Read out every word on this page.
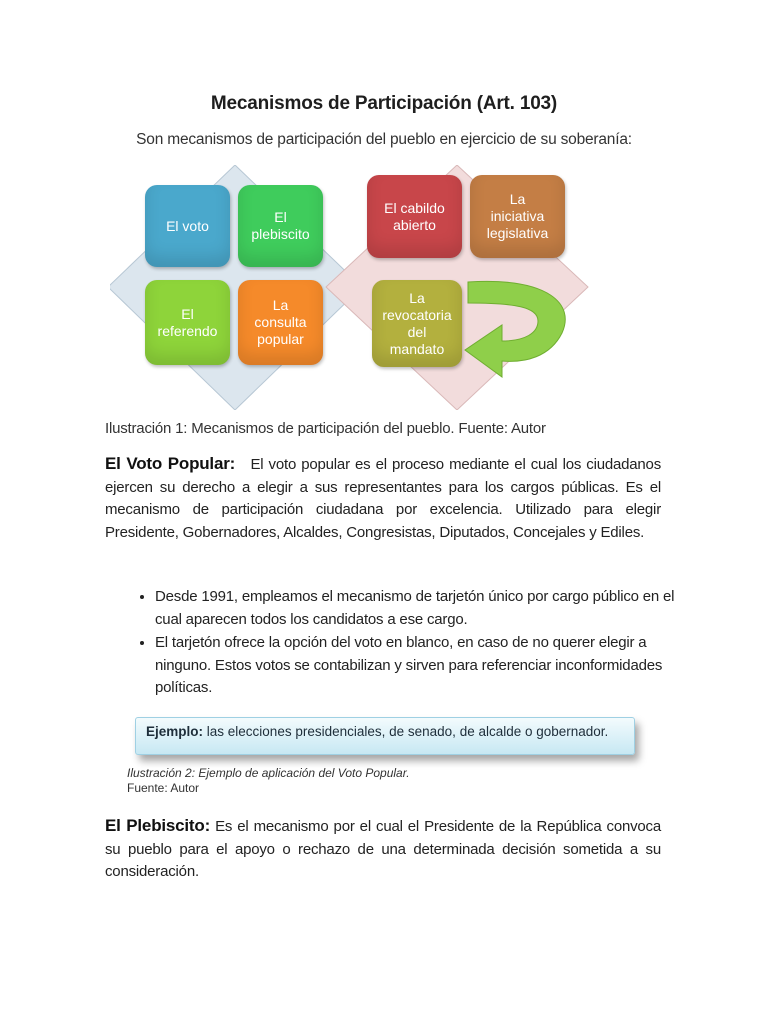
Mecanismos de Participación (Art. 103)
Son mecanismos de participación del pueblo en ejercicio de su soberanía:
El voto
El
plebiscito
El
referendo
La
consulta
popular
El cabildo
abierto
La
iniciativa
legislativa
La
revocatoria
del
mandato
Ilustración 1: Mecanismos de participación del pueblo. Fuente: Autor
El Voto Popular: El voto popular es el proceso mediante el cual los ciudadanos ejercen su derecho a elegir a sus representantes para los cargos públicas. Es el mecanismo de participación ciudadana por excelencia. Utilizado para elegir Presidente, Gobernadores, Alcaldes, Congresistas, Diputados, Concejales y Ediles.
• Desde 1991, empleamos el mecanismo de tarjetón único por cargo público en el cual aparecen todos los candidatos a ese cargo.
• El tarjetón ofrece la opción del voto en blanco, en caso de no querer elegir a ninguno. Estos votos se contabilizan y sirven para referenciar inconformidades políticas.
Ejemplo: las elecciones presidenciales, de senado, de alcalde o gobernador.
Ilustración 2: Ejemplo de aplicación del Voto Popular.
Fuente: Autor
El Plebiscito: Es el mecanismo por el cual el Presidente de la República convoca su pueblo para el apoyo o rechazo de una determinada decisión sometida a su consideración.
